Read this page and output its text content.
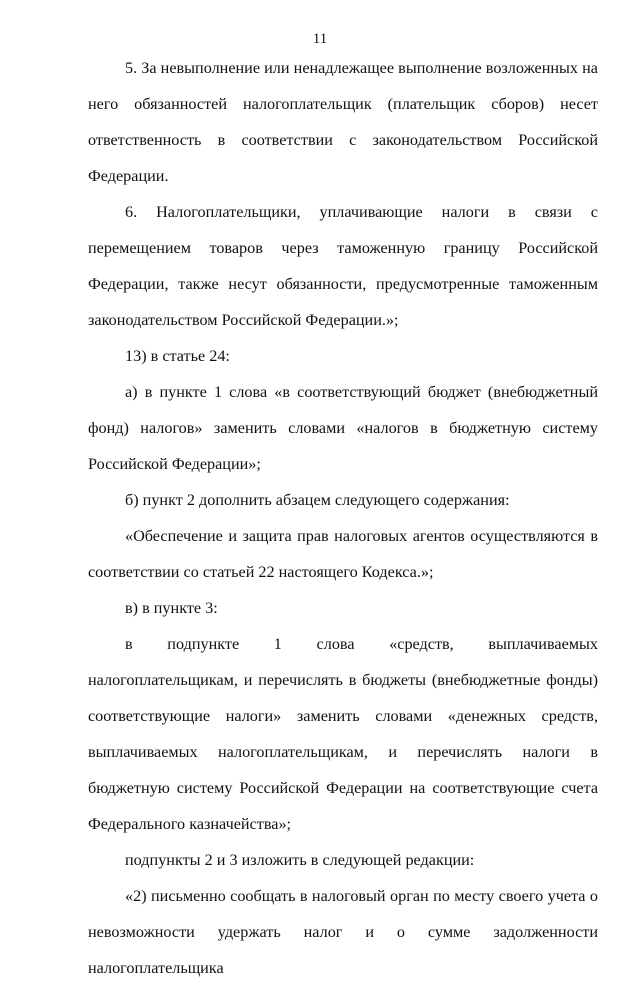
11

5. За невыполнение или ненадлежащее выполнение возложенных на него обязанностей налогоплательщик (плательщик сборов) несет ответственность в соответствии с законодательством Российской Федерации.

6. Налогоплательщики, уплачивающие налоги в связи с перемещением товаров через таможенную границу Российской Федерации, также несут обязанности, предусмотренные таможенным законодательством Российской Федерации.»;

13) в статье 24:

а) в пункте 1 слова «в соответствующий бюджет (внебюджетный фонд) налогов» заменить словами «налогов в бюджетную систему Российской Федерации»;

б) пункт 2 дополнить абзацем следующего содержания:

«Обеспечение и защита прав налоговых агентов осуществляются в соответствии со статьей 22 настоящего Кодекса.»;

в) в пункте 3:

в подпункте 1 слова «средств, выплачиваемых налогоплательщикам, и перечислять в бюджеты (внебюджетные фонды) соответствующие налоги» заменить словами «денежных средств, выплачиваемых налогоплательщикам, и перечислять налоги в бюджетную систему Российской Федерации на соответствующие счета Федерального казначейства»;

подпункты 2 и 3 изложить в следующей редакции:

«2) письменно сообщать в налоговый орган по месту своего учета о невозможности удержать налог и о сумме задолженности налогоплательщика
